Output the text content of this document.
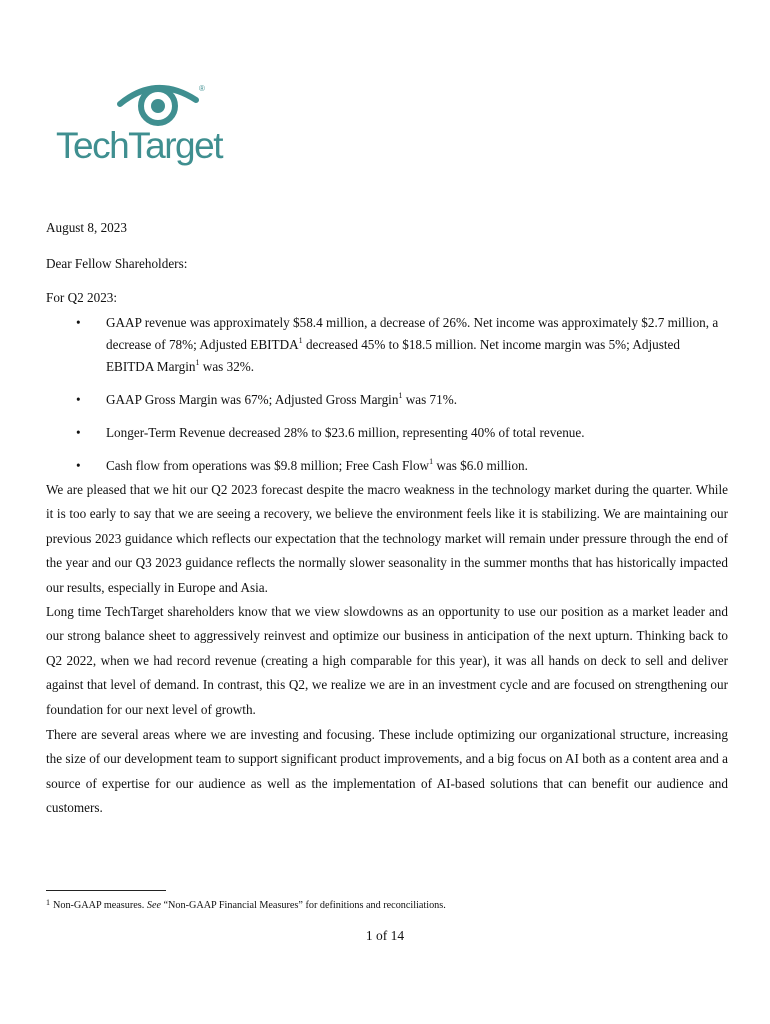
®
TechTarget
August 8, 2023
Dear Fellow Shareholders:
For Q2 2023:
• GAAP revenue was approximately $58.4 million, a decrease of 26%. Net income was approximately $2.7 million, a decrease of 78%; Adjusted EBITDA$^1$ decreased 45% to $18.5 million. Net income margin was 5%; Adjusted EBITDA Margin$^1$ was 32%.
• GAAP Gross Margin was 67%; Adjusted Gross Margin$^1$ was 71%.
• Longer-Term Revenue decreased 28% to $23.6 million, representing 40% of total revenue.
• Cash flow from operations was $9.8 million; Free Cash Flow$^1$ was $6.0 million.
We are pleased that we hit our Q2 2023 forecast despite the macro weakness in the technology market during the quarter. While it is too early to say that we are seeing a recovery, we believe the environment feels like it is stabilizing. We are maintaining our previous 2023 guidance which reflects our expectation that the technology market will remain under pressure through the end of the year and our Q3 2023 guidance reflects the normally slower seasonality in the summer months that has historically impacted our results, especially in Europe and Asia.
Long time TechTarget shareholders know that we view slowdowns as an opportunity to use our position as a market leader and our strong balance sheet to aggressively reinvest and optimize our business in anticipation of the next upturn. Thinking back to Q2 2022, when we had record revenue (creating a high comparable for this year), it was all hands on deck to sell and deliver against that level of demand. In contrast, this Q2, we realize we are in an investment cycle and are focused on strengthening our foundation for our next level of growth.
There are several areas where we are investing and focusing. These include optimizing our organizational structure, increasing the size of our development team to support significant product improvements, and a big focus on AI both as a content area and a source of expertise for our audience as well as the implementation of AI-based solutions that can benefit our audience and customers.
$^1$ Non-GAAP measures. See “Non-GAAP Financial Measures” for definitions and reconciliations.
1 of 14
